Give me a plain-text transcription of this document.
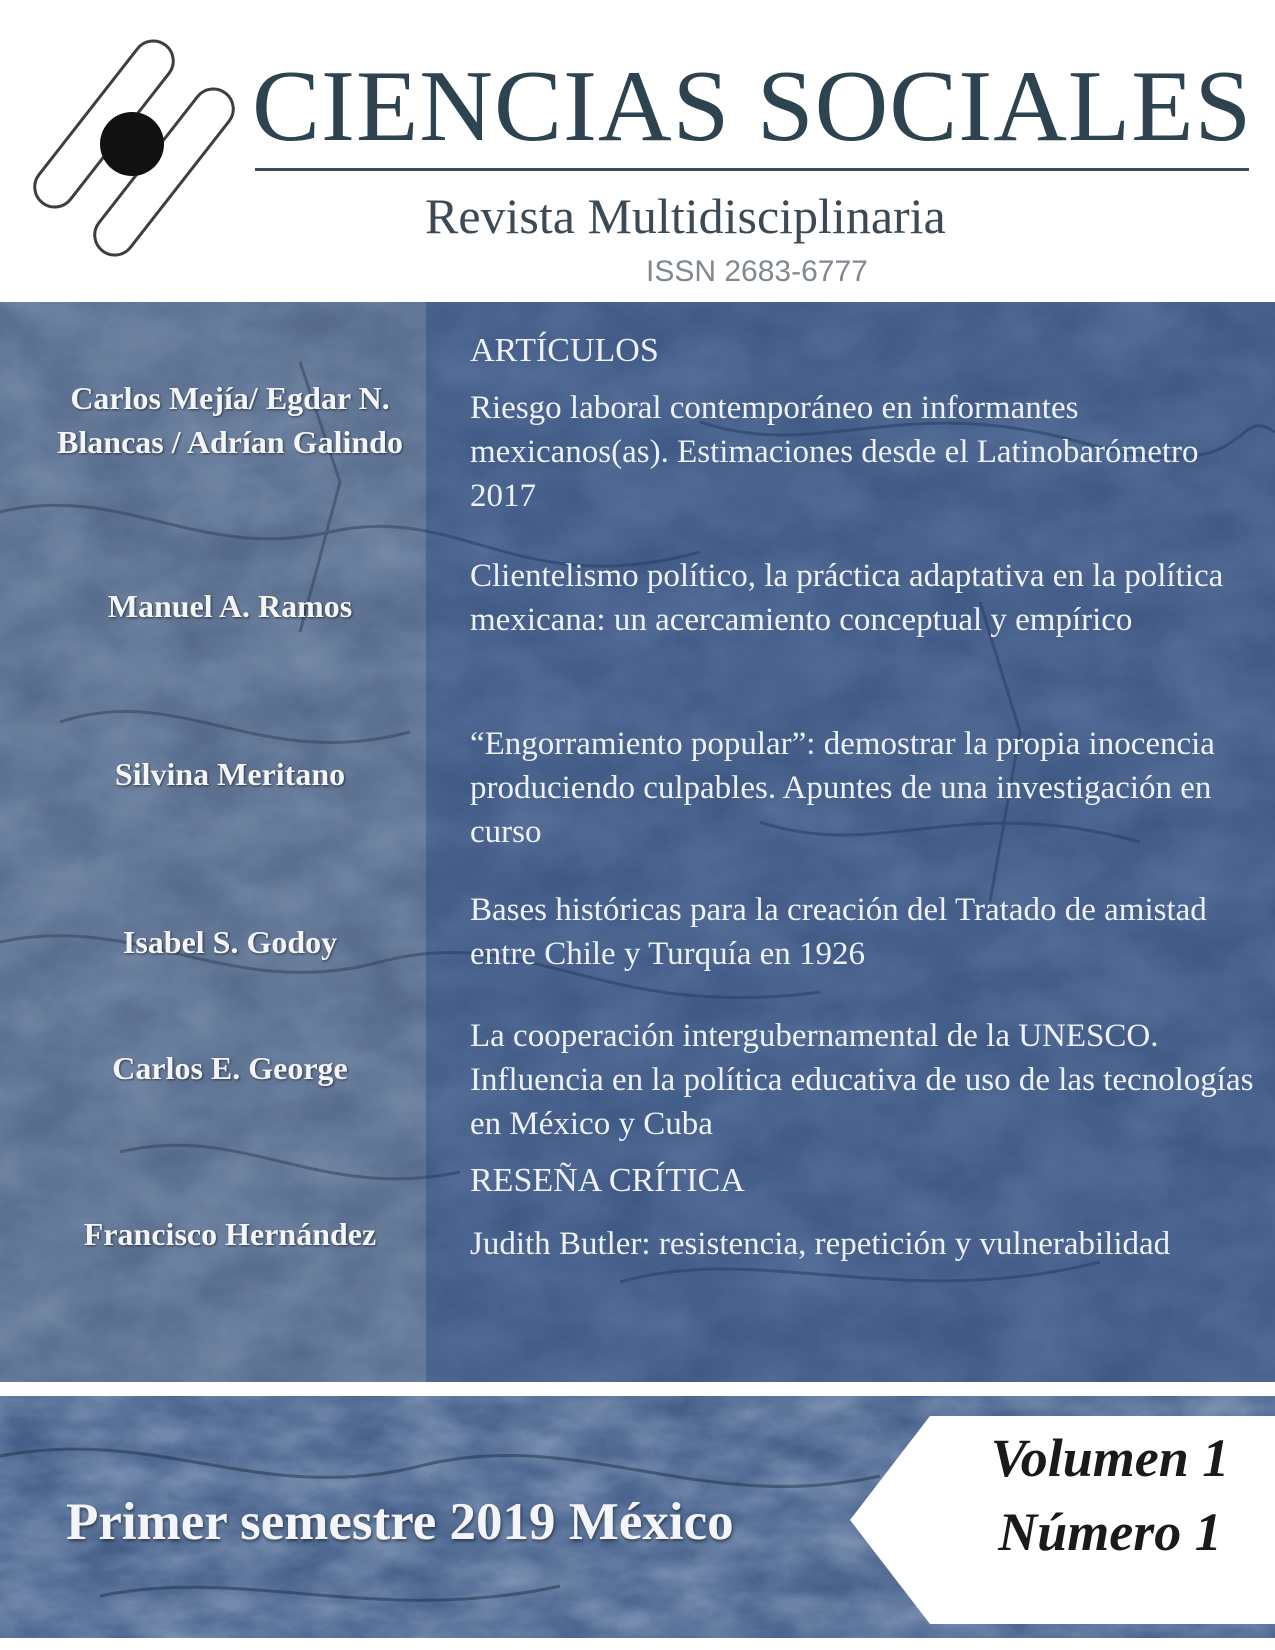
CIENCIAS SOCIALES
Revista Multidisciplinaria
ISSN 2683-6777
ARTÍCULOS
RESEÑA CRÍTICA
Carlos Mejía/ Egdar N. Blancas / Adrían Galindo
Manuel A. Ramos
Silvina Meritano
Isabel S. Godoy
Carlos E. George
Francisco Hernández
Riesgo laboral contemporáneo en informantes mexicanos(as). Estimaciones desde el Latinobarómetro 2017
Clientelismo político, la práctica adaptativa en la política mexicana: un acercamiento conceptual y empírico
“Engorramiento popular”: demostrar la propia inocencia produciendo culpables. Apuntes de una investigación en curso
Bases históricas para la creación del Tratado de amistad entre Chile y Turquía en 1926
La cooperación intergubernamental de la UNESCO. Influencia en la política educativa de uso de las tecnologías en México y Cuba
Judith Butler: resistencia, repetición y vulnerabilidad
Primer semestre 2019 México
Volumen 1
Número 1
